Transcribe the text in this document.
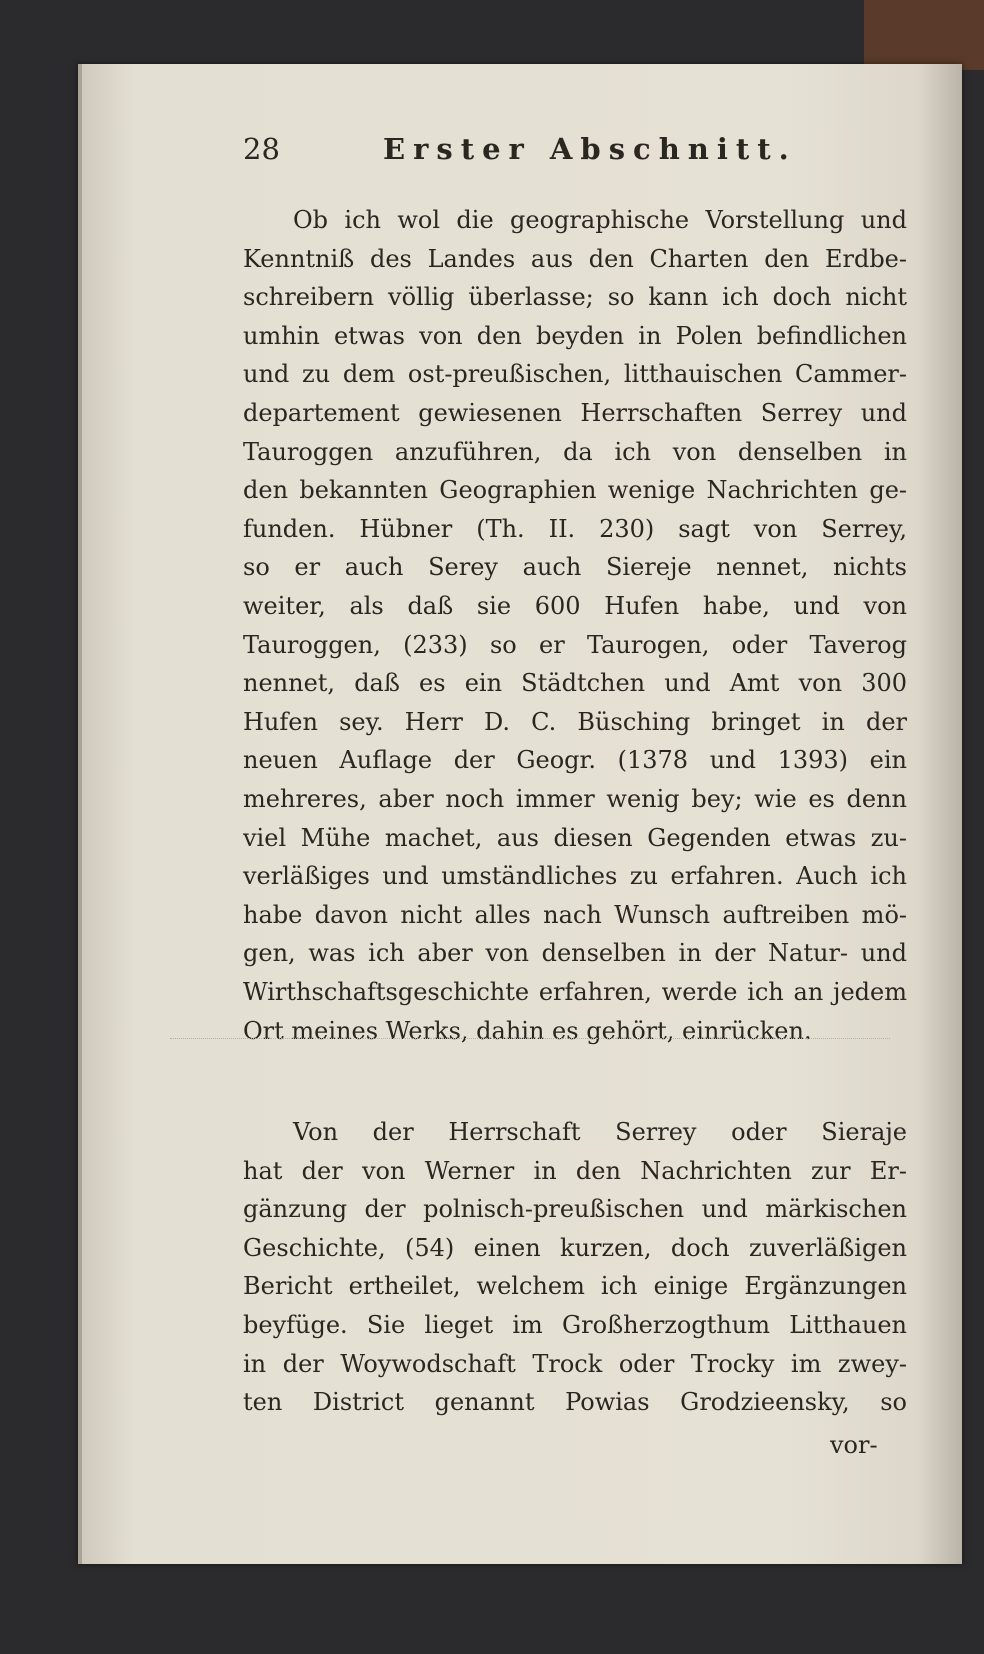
28	Erster Abschnitt.
Ob ich wol die geographische Vorstellung und
Kenntniß des Landes aus den Charten den Erdbe-
schreibern völlig überlasse; so kann ich doch nicht
umhin etwas von den beyden in Polen befindlichen
und zu dem ost-preußischen, litthauischen Cammer-
departement gewiesenen Herrschaften Serrey und
Tauroggen anzuführen, da ich von denselben in
den bekannten Geographien wenige Nachrichten ge-
funden. Hübner (Th. II. 230) sagt von Serrey,
so er auch Serey auch Siereje nennet, nichts
weiter, als daß sie 600 Hufen habe, und von
Tauroggen, (233) so er Taurogen, oder Taverog
nennet, daß es ein Städtchen und Amt von 300
Hufen sey. Herr D. C. Büsching bringet in der
neuen Auflage der Geogr. (1378 und 1393) ein
mehreres, aber noch immer wenig bey; wie es denn
viel Mühe machet, aus diesen Gegenden etwas zu-
verläßiges und umständliches zu erfahren. Auch ich
habe davon nicht alles nach Wunsch auftreiben mö-
gen, was ich aber von denselben in der Natur- und
Wirthschaftsgeschichte erfahren, werde ich an jedem
Ort meines Werks, dahin es gehört, einrücken.
Von der Herrschaft Serrey oder Sieraje
hat der von Werner in den Nachrichten zur Er-
gänzung der polnisch-preußischen und märkischen
Geschichte, (54) einen kurzen, doch zuverläßigen
Bericht ertheilet, welchem ich einige Ergänzungen
beyfüge. Sie lieget im Großherzogthum Litthauen
in der Woywodschaft Trock oder Trocky im zwey-
ten District genannt Powias Grodzieensky, so
vor-
